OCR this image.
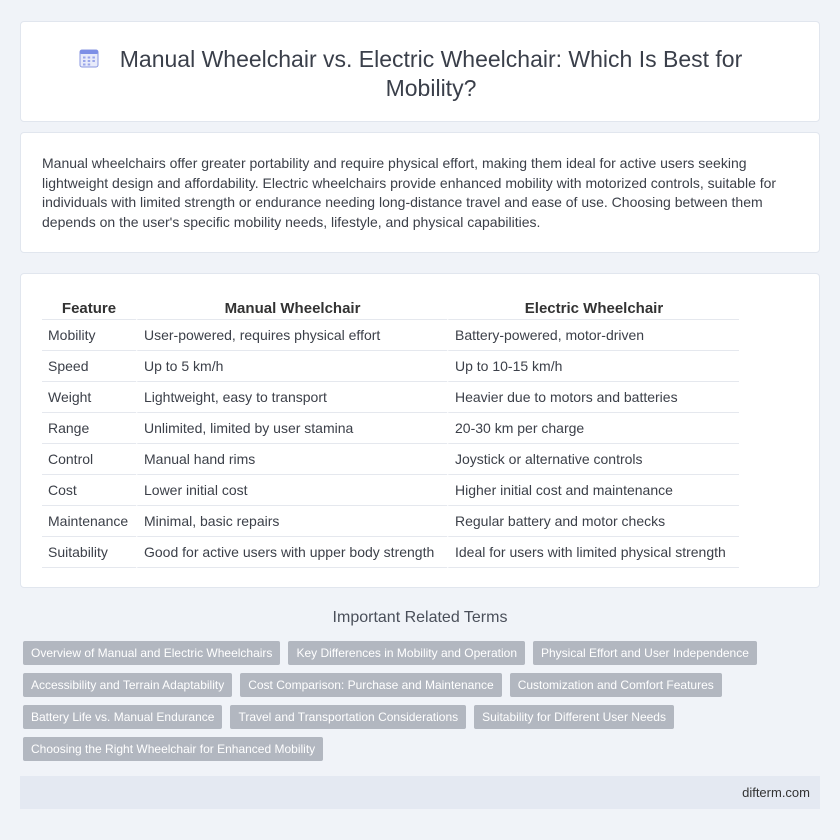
Manual Wheelchair vs. Electric Wheelchair: Which Is Best for Mobility?

Manual wheelchairs offer greater portability and require physical effort, making them ideal for active users seeking lightweight design and affordability. Electric wheelchairs provide enhanced mobility with motorized controls, suitable for individuals with limited strength or endurance needing long-distance travel and ease of use. Choosing between them depends on the user's specific mobility needs, lifestyle, and physical capabilities.

Feature	Manual Wheelchair	Electric Wheelchair
Mobility	User-powered, requires physical effort	Battery-powered, motor-driven
Speed	Up to 5 km/h	Up to 10-15 km/h
Weight	Lightweight, easy to transport	Heavier due to motors and batteries
Range	Unlimited, limited by user stamina	20-30 km per charge
Control	Manual hand rims	Joystick or alternative controls
Cost	Lower initial cost	Higher initial cost and maintenance
Maintenance	Minimal, basic repairs	Regular battery and motor checks
Suitability	Good for active users with upper body strength	Ideal for users with limited physical strength
Important Related Terms
Overview of Manual and Electric Wheelchairs	Key Differences in Mobility and Operation	Physical Effort and User Independence
Accessibility and Terrain Adaptability	Cost Comparison: Purchase and Maintenance	Customization and Comfort Features
Battery Life vs. Manual Endurance	Travel and Transportation Considerations	Suitability for Different User Needs
Choosing the Right Wheelchair for Enhanced Mobility
difterm.com
